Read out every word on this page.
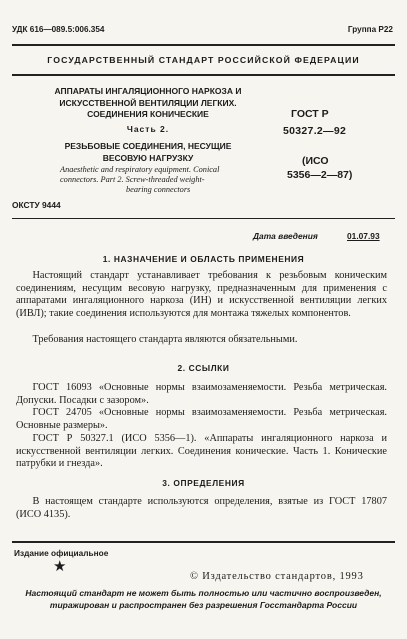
УДК 616—089.5:006.354	Группа Р22
ГОСУДАРСТВЕННЫЙ СТАНДАРТ РОССИЙСКОЙ ФЕДЕРАЦИИ
АППАРАТЫ ИНГАЛЯЦИОННОГО НАРКОЗА И
ИСКУССТВЕННОЙ ВЕНТИЛЯЦИИ ЛЕГКИХ.
СОЕДИНЕНИЯ КОНИЧЕСКИЕ
Часть 2.
РЕЗЬБОВЫЕ СОЕДИНЕНИЯ, НЕСУЩИЕ
ВЕСОВУЮ НАГРУЗКУ
Anaesthetic and respiratory equipment. Conical
connectors. Part 2. Screw-threaded weight-
bearing connectors
ОКСТУ 9444
ГОСТ Р
50327.2—92
(ИСО
5356—2—87)
Дата введения	01.07.93
1. НАЗНАЧЕНИЕ И ОБЛАСТЬ ПРИМЕНЕНИЯ
Настоящий стандарт устанавливает требования к резьбовым коническим соединениям, несущим весовую нагрузку, предназначенным для применения с аппаратами ингаляционного наркоза (ИН) и искусственной вентиляции легких (ИВЛ); такие соединения используются для монтажа тяжелых компонентов.
Требования настоящего стандарта являются обязательными.
2. ССЫЛКИ
ГОСТ 16093 «Основные нормы взаимозаменяемости. Резьба метрическая. Допуски. Посадки с зазором».
ГОСТ 24705 «Основные нормы взаимозаменяемости. Резьба метрическая. Основные размеры».
ГОСТ Р 50327.1 (ИСО 5356—1). «Аппараты ингаляционного наркоза и искусственной вентиляции легких. Соединения конические. Часть 1. Конические патрубки и гнезда».
3. ОПРЕДЕЛЕНИЯ
В настоящем стандарте используются определения, взятые из ГОСТ 17807 (ИСО 4135).
Издание официальное
★
© Издательство стандартов, 1993
Настоящий стандарт не может быть полностью или частично воспроизведен,
тиражирован и распространен без разрешения Госстандарта России
